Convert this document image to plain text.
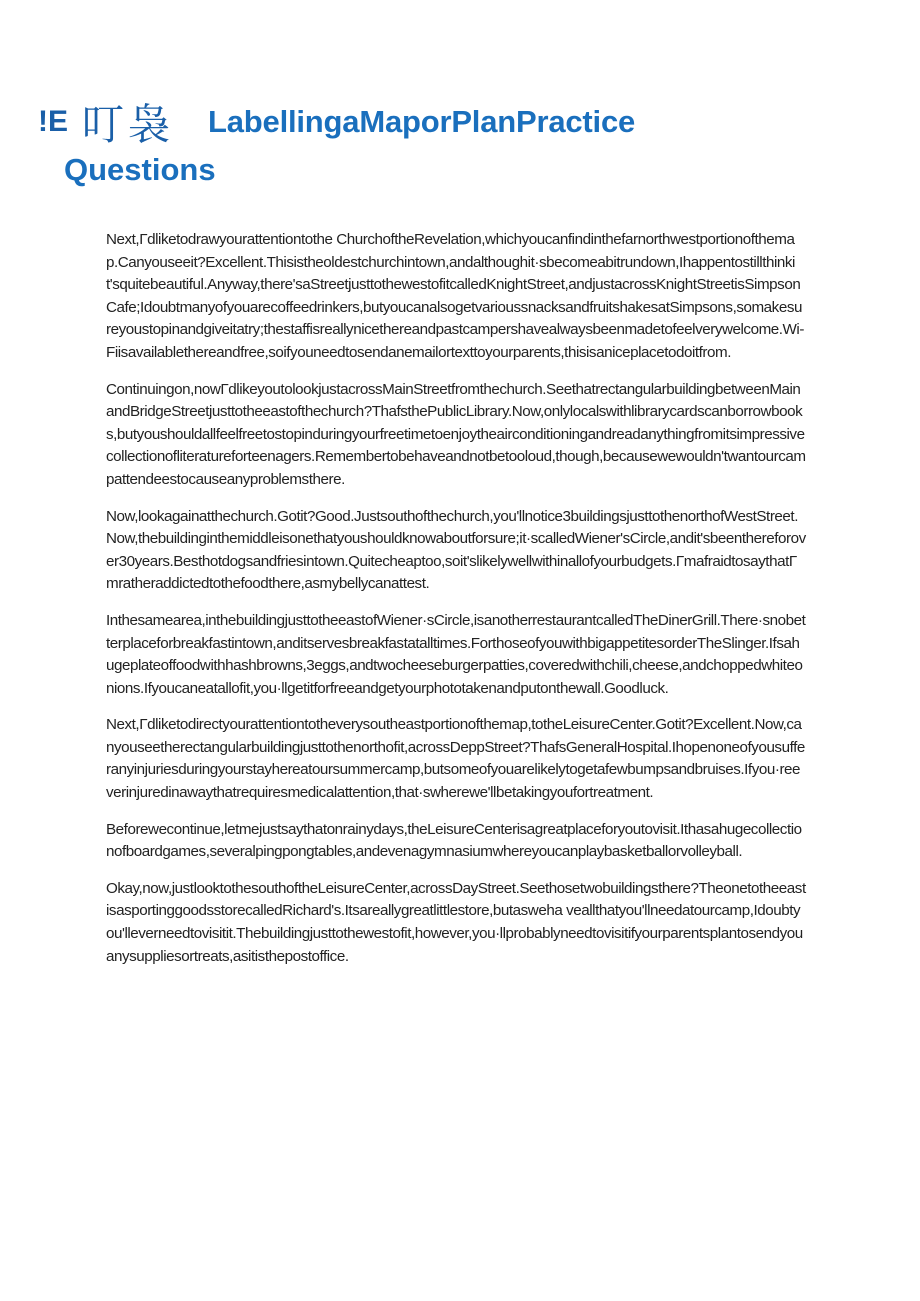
!E 叮袅 LabellingaMaporPlanPractice
Questions

Next,Γdliketodrawyourattentiontothe ChurchoftheRevelation,whichyoucanfindinthefarnorthwestportionofthemap.Canyouseeit?Excellent.Thisistheoldestchurchintown,andalthoughit·sbecomeabitrundown,Ihappentostillthinkit'squitebeautiful.Anyway,there'saStreetjusttothewestofitcalledKnightStreet,andjustacrossKnightStreetisSimpsonCafe;Idoubtmanyofyouarecoffeedrinkers,butyoucanalsogetvarioussnacksandfruitshakesatSimpsons,somakesureyoustopinandgiveitatry;thestaffisreallynicethereandpastcampershavealwaysbeenmadetofeelverywelcome.Wi-Fiisavailablethereandfree,soifyouneedtosendanemailortexttoyourparents,thisisaniceplacetodoitfrom.

Continuingon,nowΓdlikeyoutolookjustacrossMainStreetfromthechurch.SeethatrectangularbuildingbetweenMainandBridgeStreetjusttotheeastofthechurch?ThafsthePublicLibrary.Now,onlylocalswithlibrarycardscanborrowbooks,butyoushouldallfeelfreetostopinduringyourfreetimetoenjoytheairconditioningandreadanythingfromitsimpressivecollectionofliteratureforteenagers.Remembertobehaveandnotbetooloud,though,becausewewouldn'twantourcampattendeestocauseanyproblemsthere.

Now,lookagainatthechurch.Gotit?Good.Justsouthofthechurch,you'llnotice3buildingsjusttothenorthofWestStreet.Now,thebuildinginthemiddleisonethatyoushouldknowaboutforsure;it·scalledWiener'sCircle,andit'sbeenthereforover30years.Besthotdogsandfriesintown.Quitecheaptoo,soit'slikelywellwithinallofyourbudgets.ΓmafraidtosaythatΓmratheraddictedtothefoodthere,asmybellycanattest.

Inthesamearea,inthebuildingjusttotheeastofWiener·sCircle,isanotherrestaurantcalledTheDinerGrill.There·snobetterplaceforbreakfastintown,anditservesbreakfastatalltimes.ForthoseofyouwithbigappetitesorderTheSlinger.Ifsahugeplateoffoodwithhashbrowns,3eggs,andtwocheeseburgerpatties,coveredwithchili,cheese,andchoppedwhiteonions.Ifyoucaneatallofit,you·llgetitforfreeandgetyourphototakenandputonthewall.Goodluck.

Next,Γdliketodirectyourattentiontotheverysoutheastportionofthemap,totheLeisureCenter.Gotit?Excellent.Now,canyouseetherectangularbuildingjusttothenorthofit,acrossDeppStreet?ThafsGeneralHospital.Ihopenoneofyousufferanyinjuriesduringyourstayhereatoursummercamp,butsomeofyouarelikelytogetafewbumpsandbruises.Ifyou·reeverinjuredinawaythatrequiresmedicalattention,that·swherewe'llbetakingyoufortreatment.

Beforewecontinue,letmejustsaythatonrainydays,theLeisureCenterisagreatplaceforyoutovisit.Ithasahugecollectionofboardgames,severalpingpongtables,andevenagymnasiumwhereyoucanplaybasketballorvolleyball.

Okay,now,justlooktothesouthoftheLeisureCenter,acrossDayStreet.Seethosetwobuildingsthere?TheonetotheeastisasportinggoodsstorecalledRichard's.Itsareallygreatlittlestore,butasweha veallthatyou'llneedatourcamp,Idoubtyou'lleverneedtovisitit.Thebuildingjusttothewestofit,however,you·llprobablyneedtovisitifyourparentsplantosendyouanysuppliesortreats,asitisthepostoffice.
